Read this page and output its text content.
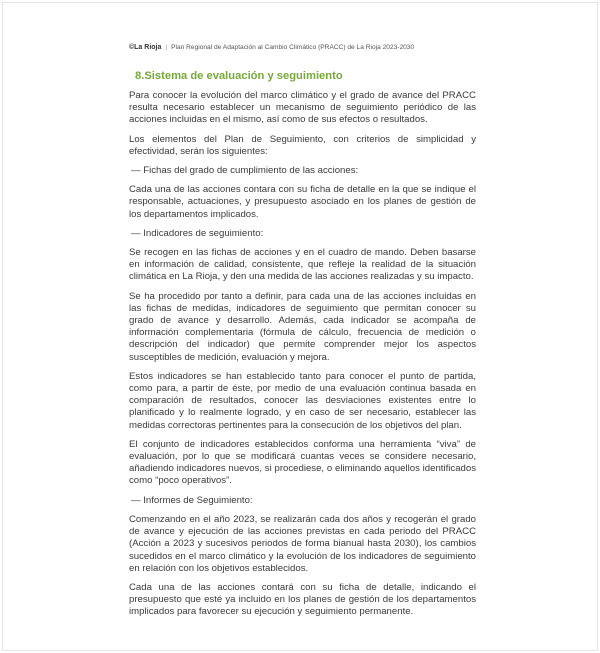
©La Rioja | Plan Regional de Adaptación al Cambio Climático (PRACC) de La Rioja 2023-2030
8.Sistema de evaluación y seguimiento

Para conocer la evolución del marco climático y el grado de avance del PRACC resulta necesario establecer un mecanismo de seguimiento periódico de las acciones incluidas en el mismo, así como de sus efectos o resultados.

Los elementos del Plan de Seguimiento, con criterios de simplicidad y efectividad, serán los siguientes:

— Fichas del grado de cumplimiento de las acciones:

Cada una de las acciones contara con su ficha de detalle en la que se indique el responsable, actuaciones, y presupuesto asociado en los planes de gestión de los departamentos implicados.

— Indicadores de seguimiento:

Se recogen en las fichas de acciones y en el cuadro de mando. Deben basarse en información de calidad, consistente, que refleje la realidad de la situación climática en La Rioja, y den una medida de las acciones realizadas y su impacto.

Se ha procedido por tanto a definir, para cada una de las acciones incluidas en las fichas de medidas, indicadores de seguimiento que permitan conocer su grado de avance y desarrollo. Además, cada indicador se acompaña de información complementaria (fórmula de cálculo, frecuencia de medición o descripción del indicador) que permite comprender mejor los aspectos susceptibles de medición, evaluación y mejora.

Estos indicadores se han establecido tanto para conocer el punto de partida, como para, a partir de éste, por medio de una evaluación continua basada en comparación de resultados, conocer las desviaciones existentes entre lo planificado y lo realmente logrado, y en caso de ser necesario, establecer las medidas correctoras pertinentes para la consecución de los objetivos del plan.

El conjunto de indicadores establecidos conforma una herramienta “viva” de evaluación, por lo que se modificará cuantas veces se considere necesario, añadiendo indicadores nuevos, si procediese, o eliminando aquellos identificados como “poco operativos”.

— Informes de Seguimiento:

Comenzando en el año 2023, se realizarán cada dos años y recogerán el grado de avance y ejecución de las acciones previstas en cada periodo del PRACC (Acción a 2023 y sucesivos periodos de forma bianual hasta 2030), los cambios sucedidos en el marco climático y la evolución de los indicadores de seguimiento en relación con los objetivos establecidos.

Cada una de las acciones contará con su ficha de detalle, indicando el presupuesto que esté ya incluido en los planes de gestión de los departamentos implicados para favorecer su ejecución y seguimiento permanente.
